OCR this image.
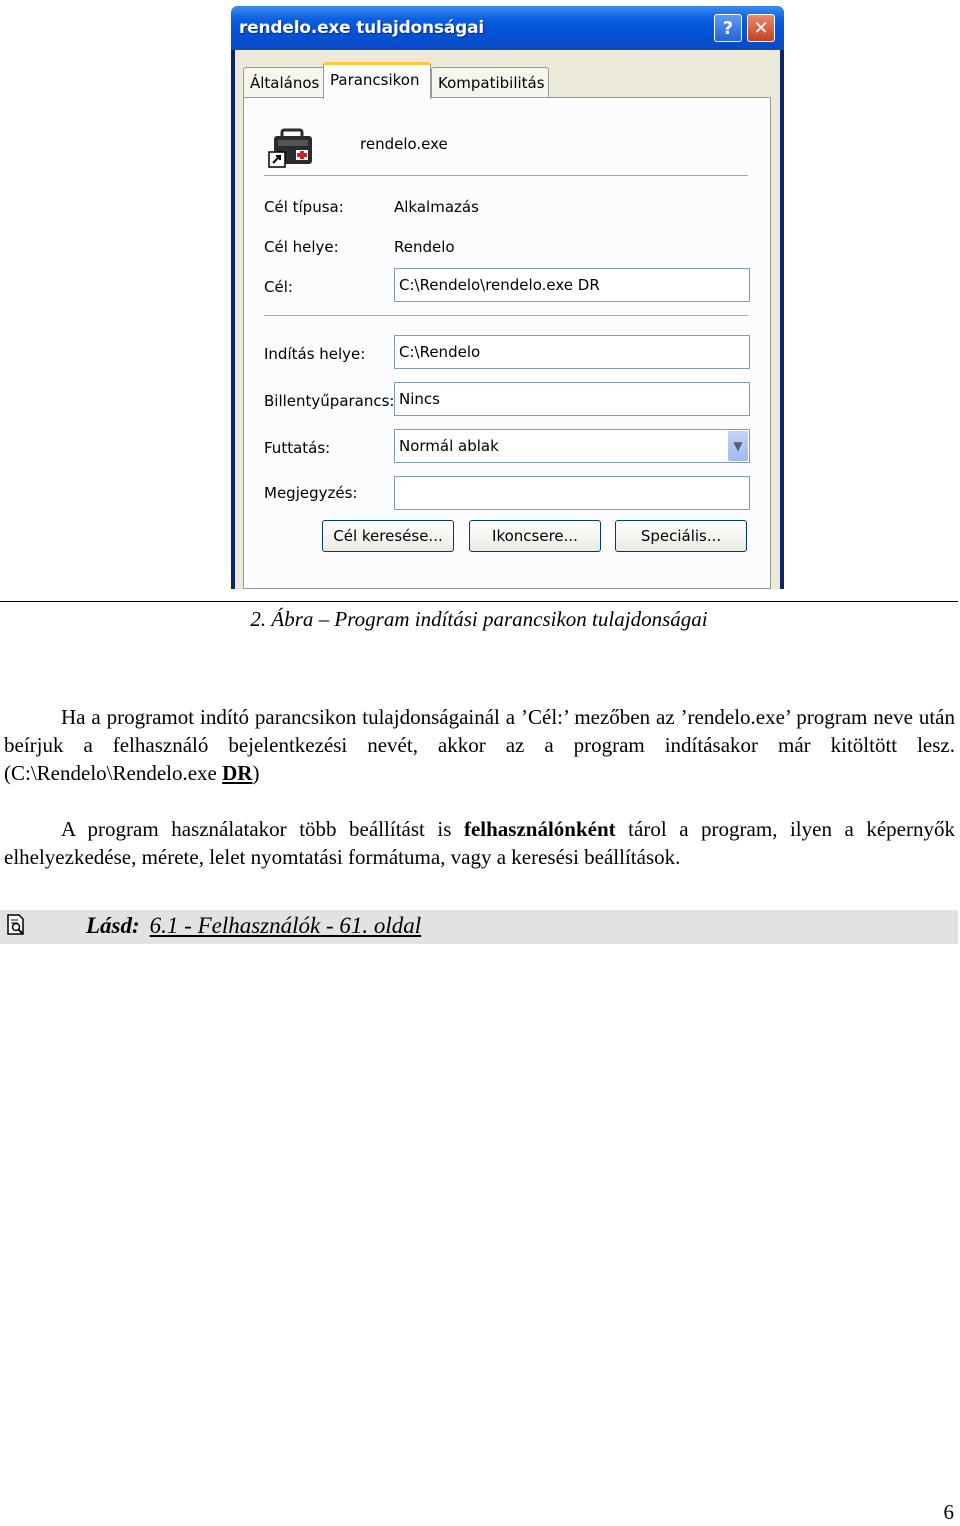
rendelo.exe tulajdonságai	?	✕
Általános Parancsikon	Kompatibilitás
rendelo.exe
Cél típusa:	Alkalmazás
Cél helye:	Rendelo
Cél:	C:\Rendelo\rendelo.exe DR
Indítás helye:	C:\Rendelo
Billentyűparancs: Nincs
Futtatás:	Normál ablak	▼
Megjegyzés:
Cél keresése...	Ikoncsere...	Speciális...
2. Ábra – Program indítási parancsikon tulajdonságai
Ha a programot indító parancsikon tulajdonságainál a ’Cél:’ mezőben az ’rendelo.exe’ program neve után beírjuk a felhasználó bejelentkezési nevét, akkor az a program indításakor már kitöltött lesz. (C:\Rendelo\Rendelo.exe DR)
A program használatakor több beállítást is felhasználónként tárol a program, ilyen a képernyők elhelyezkedése, mérete, lelet nyomtatási formátuma, vagy a keresési beállítások.
Lásd: 6.1 - Felhasználók - 61. oldal
6
